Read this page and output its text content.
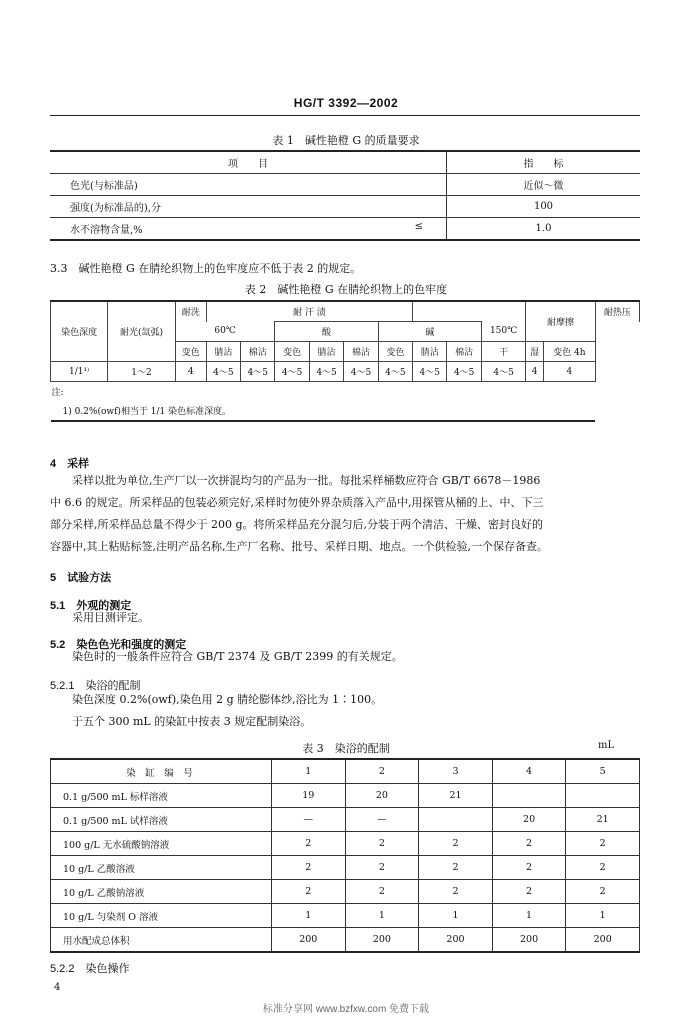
HG/T 3392—2002
表 1　碱性艳橙 G 的质量要求
项　　目	指　　标
色光(与标准品)	近似～微
强度(为标准品的),分	100
水不溶物含量,% ≤	1.0
3.3　碱性艳橙 G 在腈纶织物上的色牢度应不低于表 2 的规定。
表 2　碱性艳橙 G 在腈纶织物上的色牢度
染色深度	耐光(氙弧)	耐洗	耐 汗 渍									耐摩擦		耐热压
		60℃			酸			碱			150℃			
		变色	腈沾	棉沾	变色	腈沾	棉沾	变色	腈沾	棉沾	干	湿	变色 4h	
1/1¹⁾	1～2	4	4～5	4～5	4～5	4～5	4～5	4～5	4～5	4～5	4～5	4	4	
注:														
1) 0.2%(owf)相当于 1/1 染色标准深度。														
4　采样
采样以批为单位,生产厂以一次拼混均匀的产品为一批。每批采样桶数应符合 GB/T 6678－1986
中 6.6 的规定。所采样品的包装必须完好,采样时勿使外界杂质落入产品中,用探管从桶的上、中、下三
部分采样,所采样品总量不得少于 200 g。将所采样品充分混匀后,分装于两个清洁、干燥、密封良好的
容器中,其上粘贴标签,注明产品名称,生产厂名称、批号、采样日期、地点。一个供检验,一个保存备查。
5　试验方法
5.1　外观的测定
采用目测评定。
5.2　染色色光和强度的测定
染色时的一般条件应符合 GB/T 2374 及 GB/T 2399 的有关规定。
5.2.1　染浴的配制
染色深度 0.2%(owf),染色用 2 g 腈纶膨体纱,浴比为 1∶100。
于五个 300 mL 的染缸中按表 3 规定配制染浴。
表 3　染浴的配制	mL
染　缸　编　号	1	2	3	4	5
0.1 g/500 mL 标样溶液	19	20	21		
0.1 g/500 mL 试样溶液	—	—		20	21
100 g/L 无水硫酸钠溶液	2	2	2	2	2
10 g/L 乙酸溶液	2	2	2	2	2
10 g/L 乙酸钠溶液	2	2	2	2	2
10 g/L 匀染剂 O 溶液	1	1	1	1	1
用水配成总体积	200	200	200	200	200
5.2.2　染色操作
4
标准分享网 www.bzfxw.com 免费下载
